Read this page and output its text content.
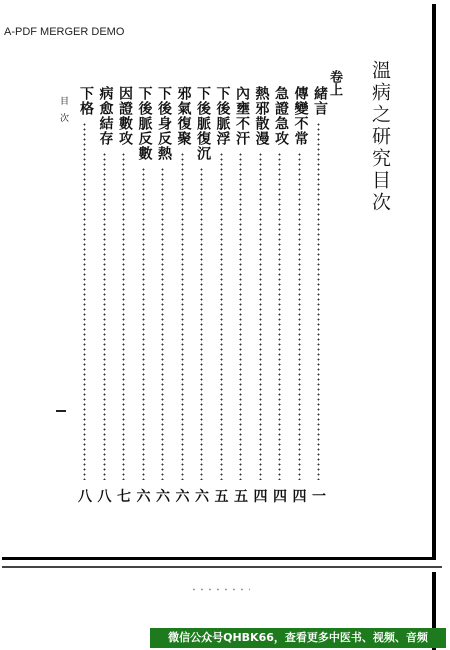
A-PDF MERGER DEMO
溫病之研究目次
卷上
緒言
一
傳變不常
四
急證急攻
四
熱邪散漫
四
內壅不汗
五
下後脈浮
五
下後脈復沉
六
邪氣復聚
六
下後身反熱
六
下後脈反數
六
因證數攻
七
病愈結存
八
下格
八
目次
微信公众号QHBK66，查看更多中医书、视频、音频
